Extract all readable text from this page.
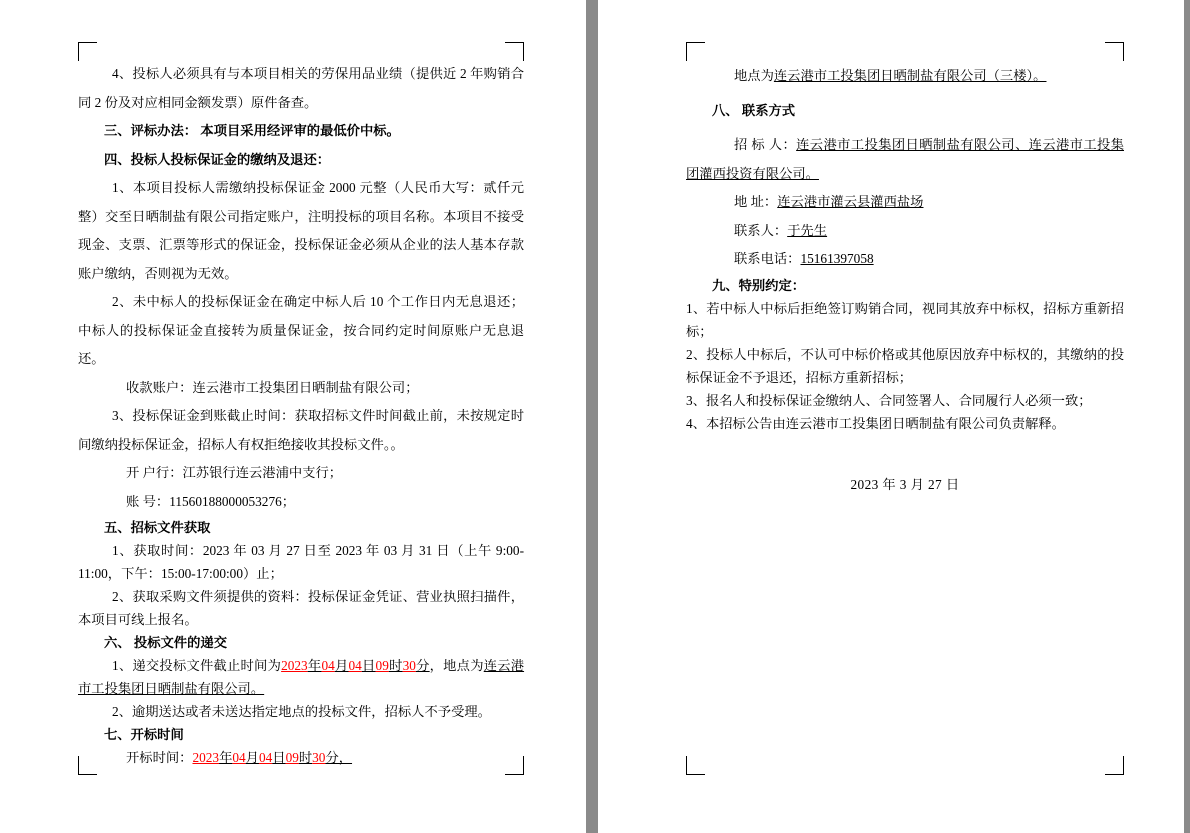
4、投标人必须具有与本项目相关的劳保用品业绩（提供近 2 年购销合同 2 份及对应相同金额发票）原件备查。

三、评标办法： 本项目采用经评审的最低价中标。

四、投标人投标保证金的缴纳及退还：

1、本项目投标人需缴纳投标保证金 2000 元整（人民币大写：贰仟元整）交至日晒制盐有限公司指定账户，注明投标的项目名称。本项目不接受现金、支票、汇票等形式的保证金，投标保证金必须从企业的法人基本存款账户缴纳，否则视为无效。

2、未中标人的投标保证金在确定中标人后 10 个工作日内无息退还；中标人的投标保证金直接转为质量保证金，按合同约定时间原账户无息退还。

收款账户：连云港市工投集团日晒制盐有限公司；

3、投标保证金到账截止时间：获取招标文件时间截止前，未按规定时间缴纳投标保证金，招标人有权拒绝接收其投标文件。。

开 户行：江苏银行连云港浦中支行；

账 号：11560188000053276；

五、招标文件获取

1、获取时间：2023 年 03 月 27 日至 2023 年 03 月 31 日（上午 9:00-11:00，下午：15:00-17:00:00）止；

2、获取采购文件须提供的资料：投标保证金凭证、营业执照扫描件，本项目可线上报名。

六、 投标文件的递交

1、递交投标文件截止时间为2023年04月04日09时30分，地点为连云港市工投集团日晒制盐有限公司。

2、逾期送达或者未送达指定地点的投标文件，招标人不予受理。

七、开标时间

开标时间：2023年04月04日09时30分，

地点为连云港市工投集团日晒制盐有限公司（三楼）。

八、 联系方式

招 标 人：连云港市工投集团日晒制盐有限公司、连云港市工投集团灌西投资有限公司。

地 址：连云港市灌云县灌西盐场

联系人：于先生

联系电话：15161397058

九、特别约定：

1、若中标人中标后拒绝签订购销合同，视同其放弃中标权，招标方重新招标；

2、投标人中标后，不认可中标价格或其他原因放弃中标权的，其缴纳的投标保证金不予退还，招标方重新招标；

3、报名人和投标保证金缴纳人、合同签署人、合同履行人必须一致；

4、本招标公告由连云港市工投集团日晒制盐有限公司负责解释。

2023 年 3 月 27 日
